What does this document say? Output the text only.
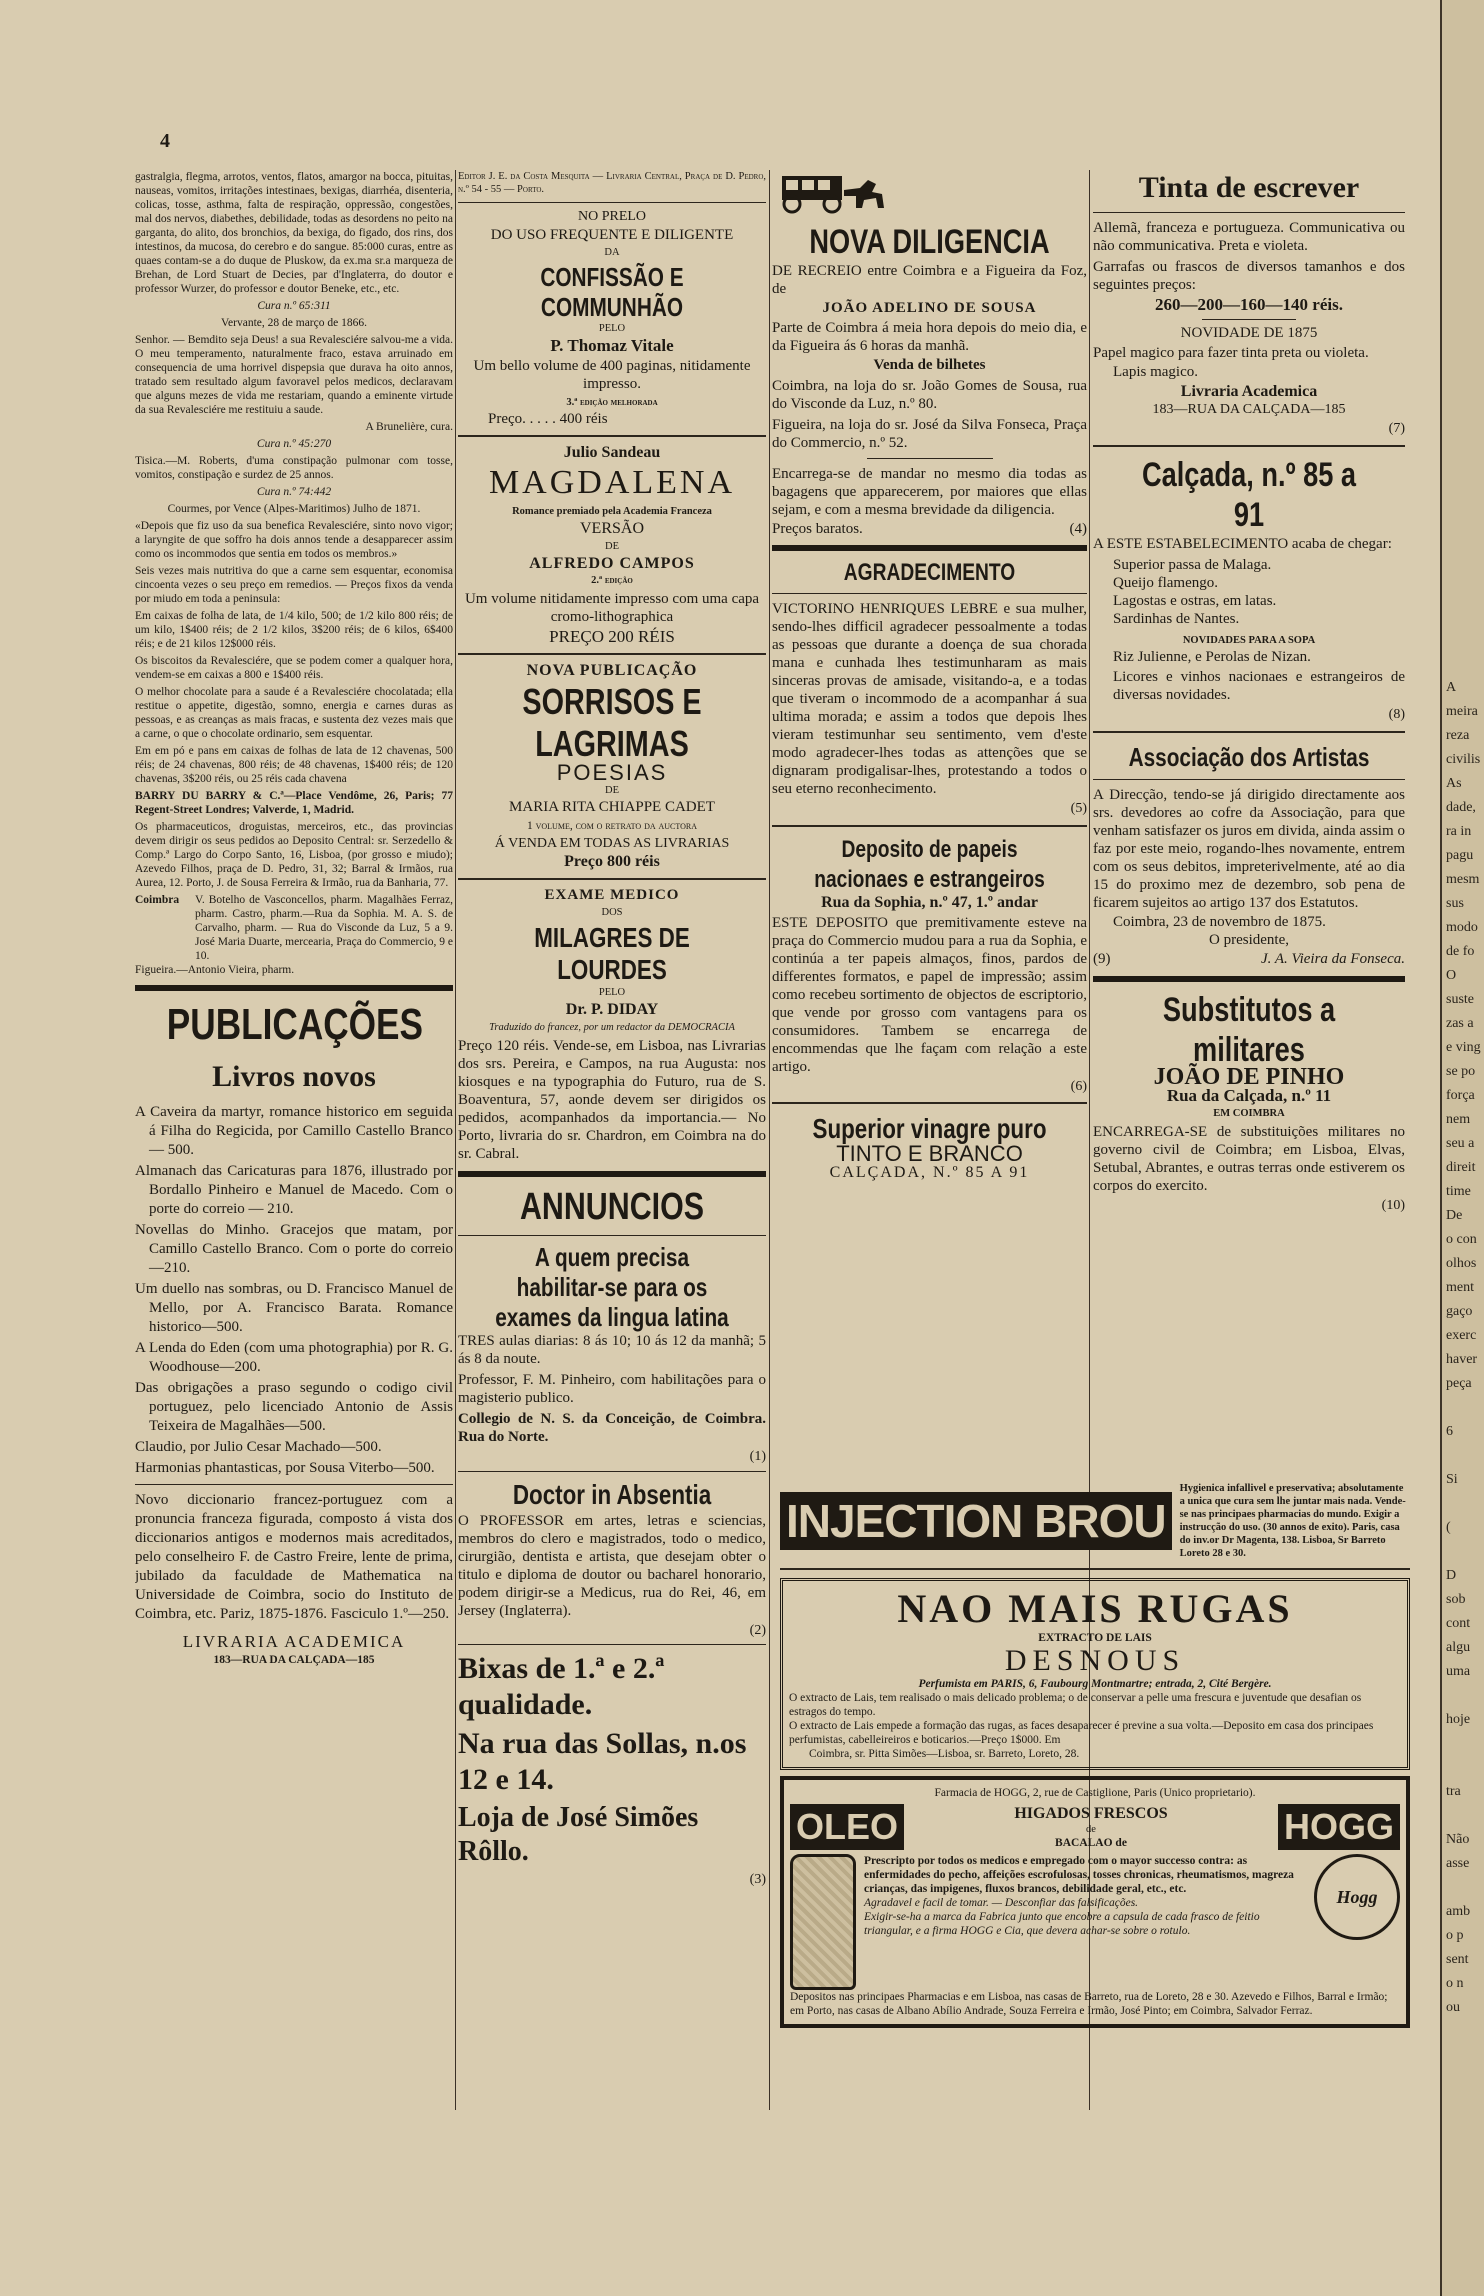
4

gastralgia, flegma, arrotos, ventos, flatos, amargor na bocca, pituitas, nauseas, vomitos, irritações intestinaes, bexigas, diarrhéa, disenteria, colicas, tosse, asthma, falta de respiração, oppressão, congestões, mal dos nervos, diabethes, debilidade, todas as desordens no peito na garganta, do alito, dos bronchios, da bexiga, do figado, dos rins, dos intestinos, da mucosa, do cerebro e do sangue. 85:000 curas, entre as quaes contam-se a do duque de Pluskow, da ex.ma sr.a marqueza de Brehan, de Lord Stuart de Decies, par d'Inglaterra, do doutor e professor Wurzer, do professor e doutor Beneke, etc., etc.

Cura n.º 65:311

Vervante, 28 de março de 1866.

Senhor. — Bemdito seja Deus! a sua Revalesciére salvou-me a vida. O meu temperamento, naturalmente fraco, estava arruinado em consequencia de uma horrivel dispepsia que durava ha oito annos, tratado sem resultado algum favoravel pelos medicos, declaravam que alguns mezes de vida me restariam, quando a eminente virtude da sua Revalesciére me restituiu a saude.

A Brunelière, cura.

Cura n.º 45:270

Tisica.—M. Roberts, d'uma constipação pulmonar com tosse, vomitos, constipação e surdez de 25 annos.

Cura n.º 74:442

Courmes, por Vence (Alpes-Maritimos) Julho de 1871.

«Depois que fiz uso da sua benefica Revalesciére, sinto novo vigor; a laryngite de que soffro ha dois annos tende a desapparecer assim como os incommodos que sentia em todos os membros.»

Seis vezes mais nutritiva do que a carne sem esquentar, economisa cincoenta vezes o seu preço em remedios. — Preços fixos da venda por miudo em toda a peninsula:

Em caixas de folha de lata, de 1/4 kilo, 500; de 1/2 kilo 800 réis; de um kilo, 1$400 réis; de 2 1/2 kilos, 3$200 réis; de 6 kilos, 6$400 réis; e de 21 kilos 12$000 réis.

Os biscoitos da Revalesciére, que se podem comer a qualquer hora, vendem-se em caixas a 800 e 1$400 réis.

O melhor chocolate para a saude é a Revalesciére chocolatada; ella restitue o appetite, digestão, somno, energia e carnes duras as pessoas, e as creanças as mais fracas, e sustenta dez vezes mais que a carne, o que o chocolate ordinario, sem esquentar.

Em em pó e pans em caixas de folhas de lata de 12 chavenas, 500 réis; de 24 chavenas, 800 réis; de 48 chavenas, 1$400 réis; de 120 chavenas, 3$200 réis, ou 25 réis cada chavena

BARRY DU BARRY & C.ª—Place Vendôme, 26, Paris; 77 Regent-Street Londres; Valverde, 1, Madrid.

Os pharmaceuticos, droguistas, merceiros, etc., das provincias devem dirigir os seus pedidos ao Deposito Central: sr. Serzedello & Comp.ª Largo do Corpo Santo, 16, Lisboa, (por grosso e miudo); Azevedo Filhos, praça de D. Pedro, 31, 32; Barral & Irmãos, rua Aurea, 12. Porto, J. de Sousa Ferreira & Irmão, rua da Banharia, 77.

Coimbra	V. Botelho de Vasconcellos, pharm. Magalhães Ferraz, pharm. Castro, pharm.—Rua da Sophia. M. A. S. de Carvalho, pharm. — Rua do Visconde da Luz, 5 a 9. José Maria Duarte, mercearia, Praça do Commercio, 9 e 10.

Figueira.—Antonio Vieira, pharm.

PUBLICAÇÕES
Livros novos

A Caveira da martyr, romance historico em seguida á Filha do Regicida, por Camillo Castello Branco — 500.

Almanach das Caricaturas para 1876, illustrado por Bordallo Pinheiro e Manuel de Macedo. Com o porte do correio — 210.

Novellas do Minho. Gracejos que matam, por Camillo Castello Branco. Com o porte do correio—210.

Um duello nas sombras, ou D. Francisco Manuel de Mello, por A. Francisco Barata. Romance historico—500.

A Lenda do Eden (com uma photographia) por R. G. Woodhouse—200.

Das obrigações a praso segundo o codigo civil portuguez, pelo licenciado Antonio de Assis Teixeira de Magalhães—500.

Claudio, por Julio Cesar Machado—500.

Harmonias phantasticas, por Sousa Viterbo—500.

Novo diccionario francez-portuguez com a pronuncia franceza figurada, composto á vista dos diccionarios antigos e modernos mais acreditados, pelo conselheiro F. de Castro Freire, lente de prima, jubilado da faculdade de Mathematica na Universidade de Coimbra, socio do Instituto de Coimbra, etc. Pariz, 1875-1876. Fasciculo 1.º—250.

LIVRARIA ACADEMICA

183—RUA DA CALÇADA—185

Editor J. E. da Costa Mesquita — Livraria Central, Praça de D. Pedro, n.º 54 - 55 — Porto.

NO PRELO

DO USO FREQUENTE E DILIGENTE

DA

CONFISSÃO E COMMUNHÃO

PELO

P. Thomaz Vitale

Um bello volume de 400 paginas, nitidamente impresso.

3.ª edição melhorada

Preço. . . . . 400 réis

Julio Sandeau

MAGDALENA

Romance premiado pela Academia Franceza

VERSÃO

DE

ALFREDO CAMPOS

2.ª edição

Um volume nitidamente impresso com uma capa cromo-lithographica

PREÇO 200 RÉIS

NOVA PUBLICAÇÃO

SORRISOS E LAGRIMAS

POESIAS

DE

MARIA RITA CHIAPPE CADET

1 volume, com o retrato da auctora

Á VENDA EM TODAS AS LIVRARIAS

Preço 800 réis

EXAME MEDICO

DOS

MILAGRES DE LOURDES

PELO

Dr. P. DIDAY

Traduzido do francez, por um redactor da DEMOCRACIA

Preço 120 réis. Vende-se, em Lisboa, nas Livrarias dos srs. Pereira, e Campos, na rua Augusta: nos kiosques e na typographia do Futuro, rua de S. Boaventura, 57, aonde devem ser dirigidos os pedidos, acompanhados da importancia.— No Porto, livraria do sr. Chardron, em Coimbra na do sr. Cabral.

ANNUNCIOS
A quem precisa habilitar-se para os exames da lingua latina

TRES aulas diarias: 8 ás 10; 10 ás 12 da manhã; 5 ás 8 da noute.

Professor, F. M. Pinheiro, com habilitações para o magisterio publico.

Collegio de N. S. da Conceição, de Coimbra. Rua do Norte.

(1)

Doctor in Absentia

O PROFESSOR em artes, letras e sciencias, membros do clero e magistrados, todo o medico, cirurgião, dentista e artista, que desejam obter o titulo e diploma de doutor ou bacharel honorario, podem dirigir-se a Medicus, rua do Rei, 46, em Jersey (Inglaterra).

(2)

Bixas de 1.ª e 2.ª qualidade.

Na rua das Sollas, n.os 12 e 14.

Loja de José Simões Rôllo.

(3)

NOVA DILIGENCIA

DE RECREIO entre Coimbra e a Figueira da Foz, de

JOÃO ADELINO DE SOUSA

Parte de Coimbra á meia hora depois do meio dia, e da Figueira ás 6 horas da manhã.

Venda de bilhetes

Coimbra, na loja do sr. João Gomes de Sousa, rua do Visconde da Luz, n.º 80.

Figueira, na loja do sr. José da Silva Fonseca, Praça do Commercio, n.º 52.

Encarrega-se de mandar no mesmo dia todas as bagagens que apparecerem, por maiores que ellas sejam, e com a mesma brevidade da diligencia.

Preços baratos.	(4)
AGRADECIMENTO

VICTORINO HENRIQUES LEBRE e sua mulher, sendo-lhes difficil agradecer pessoalmente a todas as pessoas que durante a doença de sua chorada mana e cunhada lhes testimunharam as mais sinceras provas de amisade, visitando-a, e a todas que tiveram o incommodo de a acompanhar á sua ultima morada; e assim a todos que depois lhes vieram testimunhar seu sentimento, vem d'este modo agradecer-lhes todas as attenções que se dignaram prodigalisar-lhes, protestando a todos o seu eterno reconhecimento.

(5)

Deposito de papeis nacionaes e estrangeiros

Rua da Sophia, n.º 47, 1.º andar

ESTE DEPOSITO que premitivamente esteve na praça do Commercio mudou para a rua da Sophia, e continúa a ter papeis almaços, finos, pardos de differentes formatos, e papel de impressão; assim como recebeu sortimento de objectos de escriptorio, que vende por grosso com vantagens para os consumidores. Tambem se encarrega de encommendas que lhe façam com relação a este artigo.

(6)

Superior vinagre puro

TINTO E BRANCO

CALÇADA, N.º 85 A 91

INJECTION BROU
Hygienica infallivel e preservativa; absolutamente a unica que cura sem lhe juntar mais nada. Vende-se nas principaes pharmacias do mundo. Exigir a instrucção do uso. (30 annos de exito). Paris, casa do inv.or Dr Magenta, 138. Lisboa, Sr Barreto Loreto 28 e 30.
NAO MAIS RUGAS
EXTRACTO DE LAIS
DESNOUS
Perfumista em PARIS, 6, Faubourg Montmartre; entrada, 2, Cité Bergère.
O extracto de Lais, tem realisado o mais delicado problema; o de conservar a pelle uma frescura e juventude que desafian os estragos do tempo.
O extracto de Lais empede a formação das rugas, as faces desaparecer é previne a sua volta.—Deposito em casa dos principaes perfumistas, cabelleireiros e boticarios.—Preço 1$000. Em
Coimbra, sr. Pitta Simões—Lisboa, sr. Barreto, Loreto, 28.
Farmacia de HOGG, 2, rue de Castiglione, Paris (Unico proprietario).
OLEO	HIGADOS FRESCOS
de
BACALAO de	HOGG
Prescripto por todos os medicos e empregado com o mayor successo contra: as enfermidades do pecho, affeições escrofulosas, tosses chronicas, rheumatismos, magreza crianças, das impigenes, fluxos brancos, debilidade geral, etc., etc.
Agradavel e facil de tomar. — Desconfiar das falsificações.
Exigir-se-ha a marca da Fabrica junto que encobre a capsula de cada frasco de feitio triangular, e a firma HOGG e Cia, que devera achar-se sobre o rotulo.
Hogg
Depositos nas principaes Pharmacias e em Lisboa, nas casas de Barreto, rua de Loreto, 28 e 30. Azevedo e Filhos, Barral e Irmão; em Porto, nas casas de Albano Abílio Andrade, Souza Ferreira e Irmão, José Pinto; em Coimbra, Salvador Ferraz.
Tinta de escrever

Allemã, franceza e portugueza. Communicativa ou não communicativa. Preta e violeta.

Garrafas ou frascos de diversos tamanhos e dos seguintes preços:

260—200—160—140 réis.

NOVIDADE DE 1875

Papel magico para fazer tinta preta ou violeta.

Lapis magico.

Livraria Academica

183—RUA DA CALÇADA—185

(7)

Calçada, n.º 85 a 91

A ESTE ESTABELECIMENTO acaba de chegar:

Superior passa de Malaga.
Queijo flamengo.
Lagostas e ostras, em latas.
Sardinhas de Nantes.

NOVIDADES PARA A SOPA

Riz Julienne, e Perolas de Nizan.

Licores e vinhos nacionaes e estrangeiros de diversas novidades.

(8)

Associação dos Artistas

A Direcção, tendo-se já dirigido directamente aos srs. devedores ao cofre da Associação, para que venham satisfazer os juros em divida, ainda assim o faz por este meio, rogando-lhes novamente, entrem com os seus debitos, impreterivelmente, até ao dia 15 do proximo mez de dezembro, sob pena de ficarem sujeitos ao artigo 137 dos Estatutos.

Coimbra, 23 de novembro de 1875.

O presidente,

(9)	J. A. Vieira da Fonseca.
Substitutos a militares

JOÃO DE PINHO

Rua da Calçada, n.º 11

EM COIMBRA

ENCARREGA-SE de substituições militares no governo civil de Coimbra; em Lisboa, Elvas, Setubal, Abrantes, e outras terras onde estiverem os corpos do exercito.

(10)

A
meira
reza
civilis
As
dade,
ra in
pagu
mesm
sus
modo
de fo
O
suste
zas a
e ving
se po
força
nem
seu a
direit
time
De
o con
olhos
ment
gaço
exerc
haver
peça
6
Si
(
D
sob
cont
algu
uma
hoje
tra
Não
asse
amb
o p
sent
o n
ou
